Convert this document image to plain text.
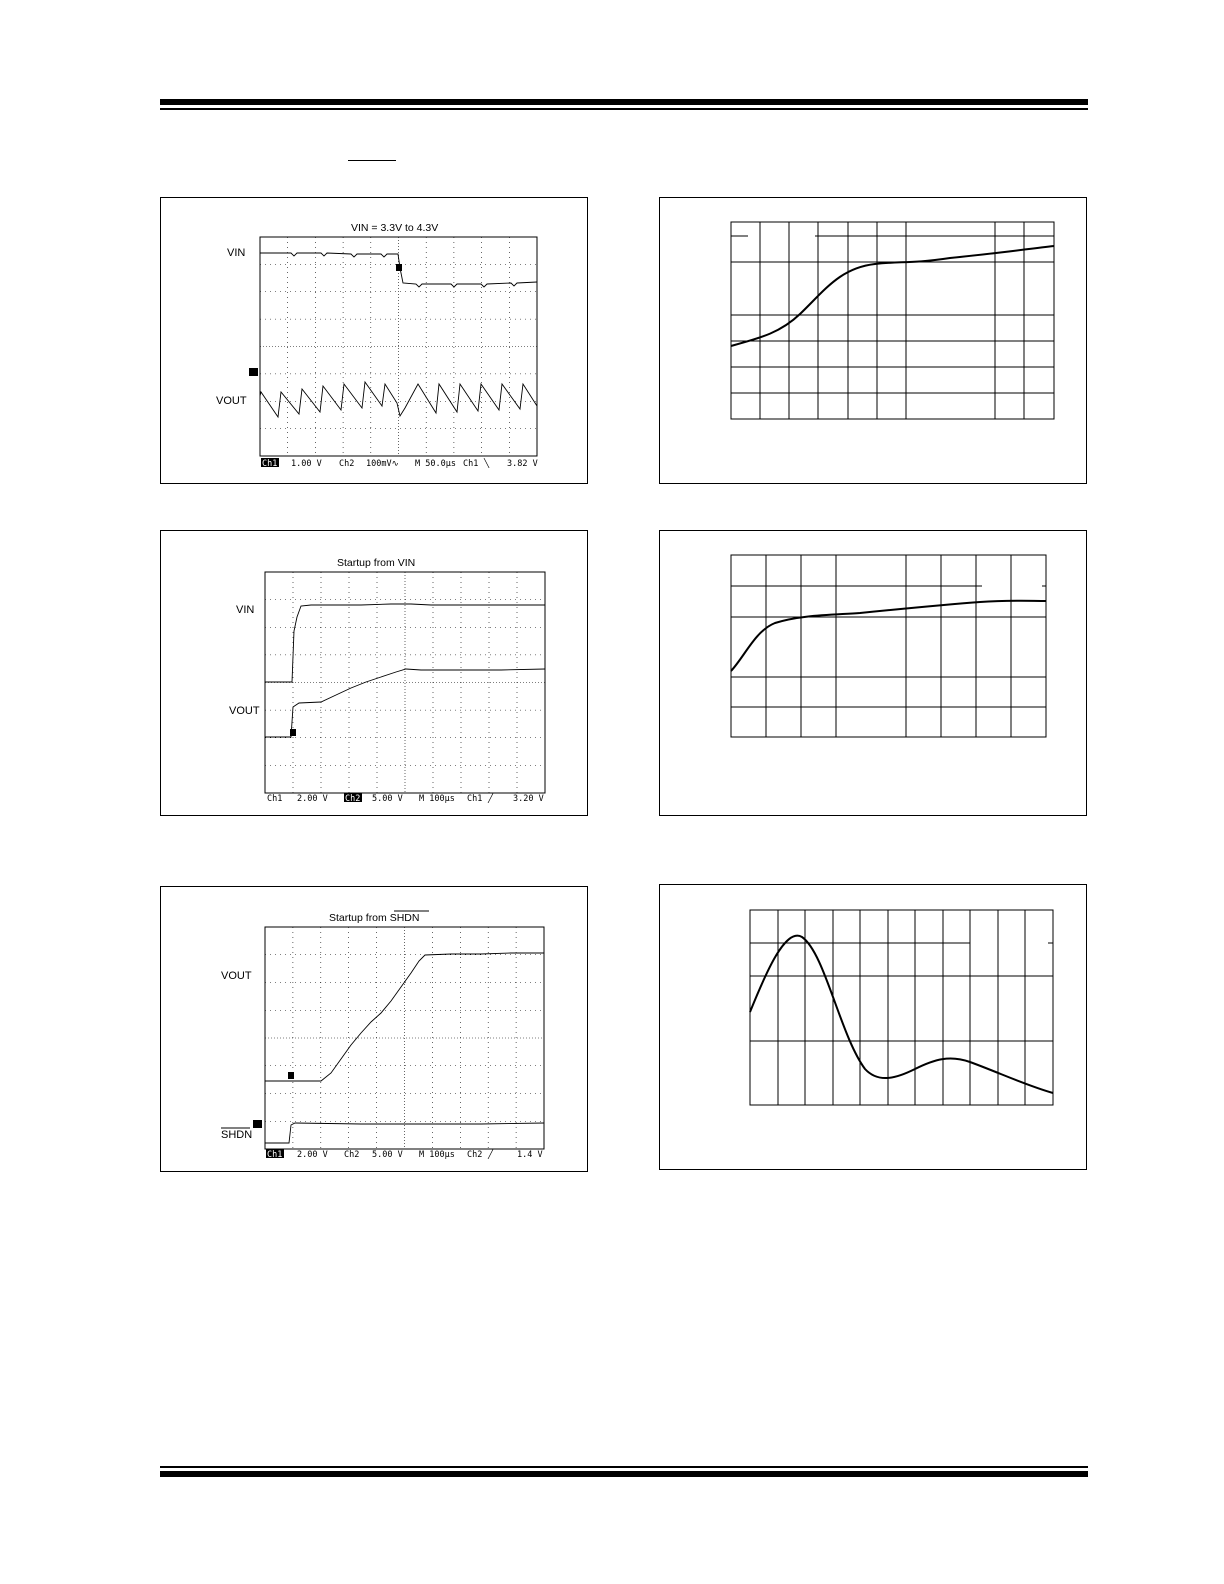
VIN = 3.3V to 4.3V
VIN
VOUT
Ch1 1.00 V Ch2 100mV∿ M 50.0µs Ch1 ╲ 3.82 V
Startup from VIN
VIN
VOUT
Ch1 2.00 V Ch2 5.00 V M 100µs Ch1 ╱ 3.20 V
Startup from SHDN
VOUT
SHDN
Ch1 2.00 V Ch2 5.00 V M 100µs Ch2 ╱	1.4 V
